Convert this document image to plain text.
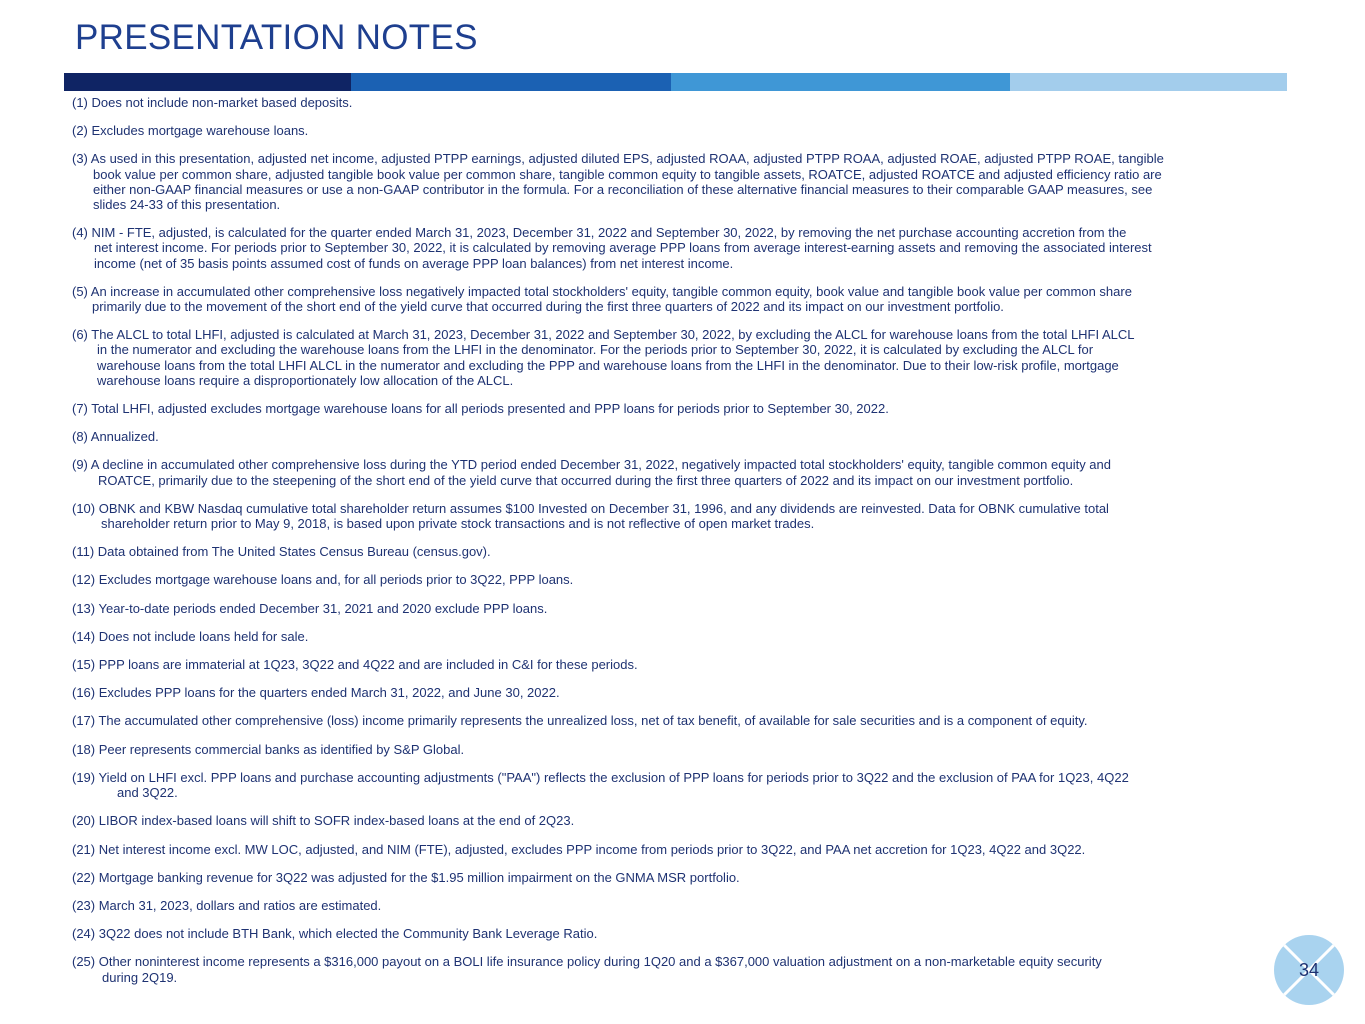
PRESENTATION NOTES
(1) Does not include non-market based deposits.
(2) Excludes mortgage warehouse loans.
(3) As used in this presentation, adjusted net income, adjusted PTPP earnings, adjusted diluted EPS, adjusted ROAA, adjusted PTPP ROAA, adjusted ROAE, adjusted PTPP ROAE, tangible
book value per common share, adjusted tangible book value per common share, tangible common equity to tangible assets, ROATCE, adjusted ROATCE and adjusted efficiency ratio are
either non-GAAP financial measures or use a non-GAAP contributor in the formula. For a reconciliation of these alternative financial measures to their comparable GAAP measures, see
slides 24-33 of this presentation.
(4) NIM - FTE, adjusted, is calculated for the quarter ended March 31, 2023, December 31, 2022 and September 30, 2022, by removing the net purchase accounting accretion from the
net interest income. For periods prior to September 30, 2022, it is calculated by removing average PPP loans from average interest-earning assets and removing the associated interest
income (net of 35 basis points assumed cost of funds on average PPP loan balances) from net interest income.
(5) An increase in accumulated other comprehensive loss negatively impacted total stockholders' equity, tangible common equity, book value and tangible book value per common share
primarily due to the movement of the short end of the yield curve that occurred during the first three quarters of 2022 and its impact on our investment portfolio.
(6) The ALCL to total LHFI, adjusted is calculated at March 31, 2023, December 31, 2022 and September 30, 2022, by excluding the ALCL for warehouse loans from the total LHFI ALCL
in the numerator and excluding the warehouse loans from the LHFI in the denominator. For the periods prior to September 30, 2022, it is calculated by excluding the ALCL for
warehouse loans from the total LHFI ALCL in the numerator and excluding the PPP and warehouse loans from the LHFI in the denominator. Due to their low-risk profile, mortgage
warehouse loans require a disproportionately low allocation of the ALCL.
(7) Total LHFI, adjusted excludes mortgage warehouse loans for all periods presented and PPP loans for periods prior to September 30, 2022.
(8) Annualized.
(9) A decline in accumulated other comprehensive loss during the YTD period ended December 31, 2022, negatively impacted total stockholders' equity, tangible common equity and
ROATCE, primarily due to the steepening of the short end of the yield curve that occurred during the first three quarters of 2022 and its impact on our investment portfolio.
(10) OBNK and KBW Nasdaq cumulative total shareholder return assumes $100 Invested on December 31, 1996, and any dividends are reinvested. Data for OBNK cumulative total
shareholder return prior to May 9, 2018, is based upon private stock transactions and is not reflective of open market trades.
(11) Data obtained from The United States Census Bureau (census.gov).
(12) Excludes mortgage warehouse loans and, for all periods prior to 3Q22, PPP loans.
(13) Year-to-date periods ended December 31, 2021 and 2020 exclude PPP loans.
(14) Does not include loans held for sale.
(15) PPP loans are immaterial at 1Q23, 3Q22 and 4Q22 and are included in C&I for these periods.
(16) Excludes PPP loans for the quarters ended March 31, 2022, and June 30, 2022.
(17) The accumulated other comprehensive (loss) income primarily represents the unrealized loss, net of tax benefit, of available for sale securities and is a component of equity.
(18) Peer represents commercial banks as identified by S&P Global.
(19) Yield on LHFI excl. PPP loans and purchase accounting adjustments ("PAA") reflects the exclusion of PPP loans for periods prior to 3Q22 and the exclusion of PAA for 1Q23, 4Q22
and 3Q22.
(20) LIBOR index-based loans will shift to SOFR index-based loans at the end of 2Q23.
(21) Net interest income excl. MW LOC, adjusted, and NIM (FTE), adjusted, excludes PPP income from periods prior to 3Q22, and PAA net accretion for 1Q23, 4Q22 and 3Q22.
(22) Mortgage banking revenue for 3Q22 was adjusted for the $1.95 million impairment on the GNMA MSR portfolio.
(23) March 31, 2023, dollars and ratios are estimated.
(24) 3Q22 does not include BTH Bank, which elected the Community Bank Leverage Ratio.
(25) Other noninterest income represents a $316,000 payout on a BOLI life insurance policy during 1Q20 and a $367,000 valuation adjustment on a non-marketable equity security
during 2Q19.	34
